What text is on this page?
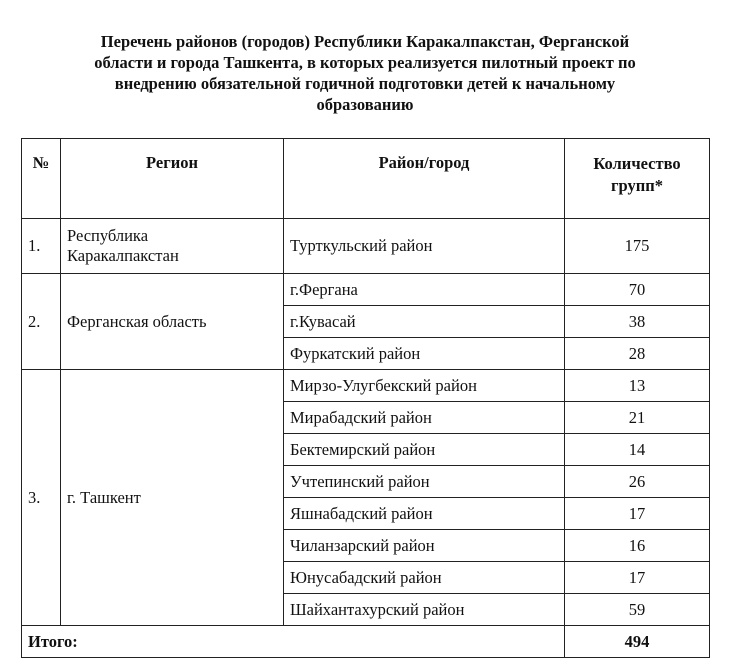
Перечень районов (городов) Республики Каракалпакстан, Ферганской
области и города Ташкента, в которых реализуется пилотный проект по
внедрению обязательной годичной подготовки детей к начальному
образованию
№	Регион	Район/город	Количество
групп*
1.	Республика
Каракалпакстан	Турткульский район	175
2.	Ферганская область	г.Фергана	70
		г.Кувасай	38
		Фуркатский район	28
3.	г. Ташкент	Мирзо-Улугбекский район	13
		Мирабадский район	21
		Бектемирский район	14
		Учтепинский район	26
		Яшнабадский район	17
		Чиланзарский район	16
		Юнусабадский район	17
		Шайхантахурский район	59
Итого:			494
